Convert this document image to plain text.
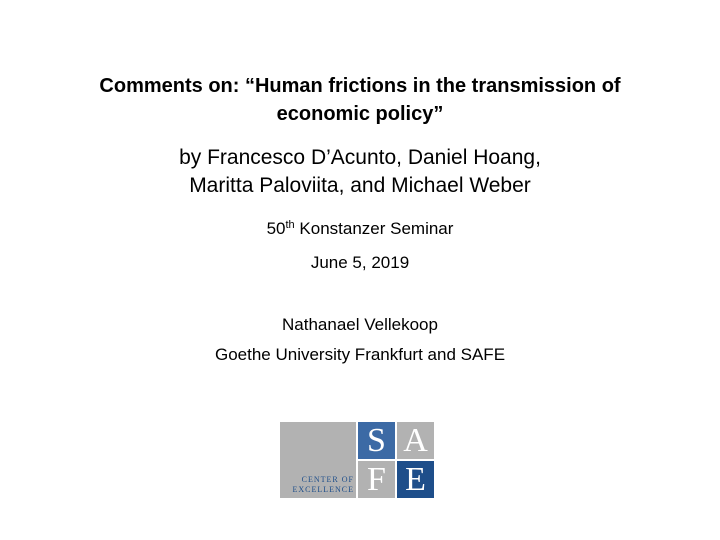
Comments on: “Human frictions in the transmission of
economic policy”
by Francesco D’Acunto, Daniel Hoang,
Maritta Paloviita, and Michael Weber
50th Konstanzer Seminar
June 5, 2019
Nathanael Vellekoop
Goethe University Frankfurt and SAFE
CENTER OF
EXCELLENCE
S A
F E
